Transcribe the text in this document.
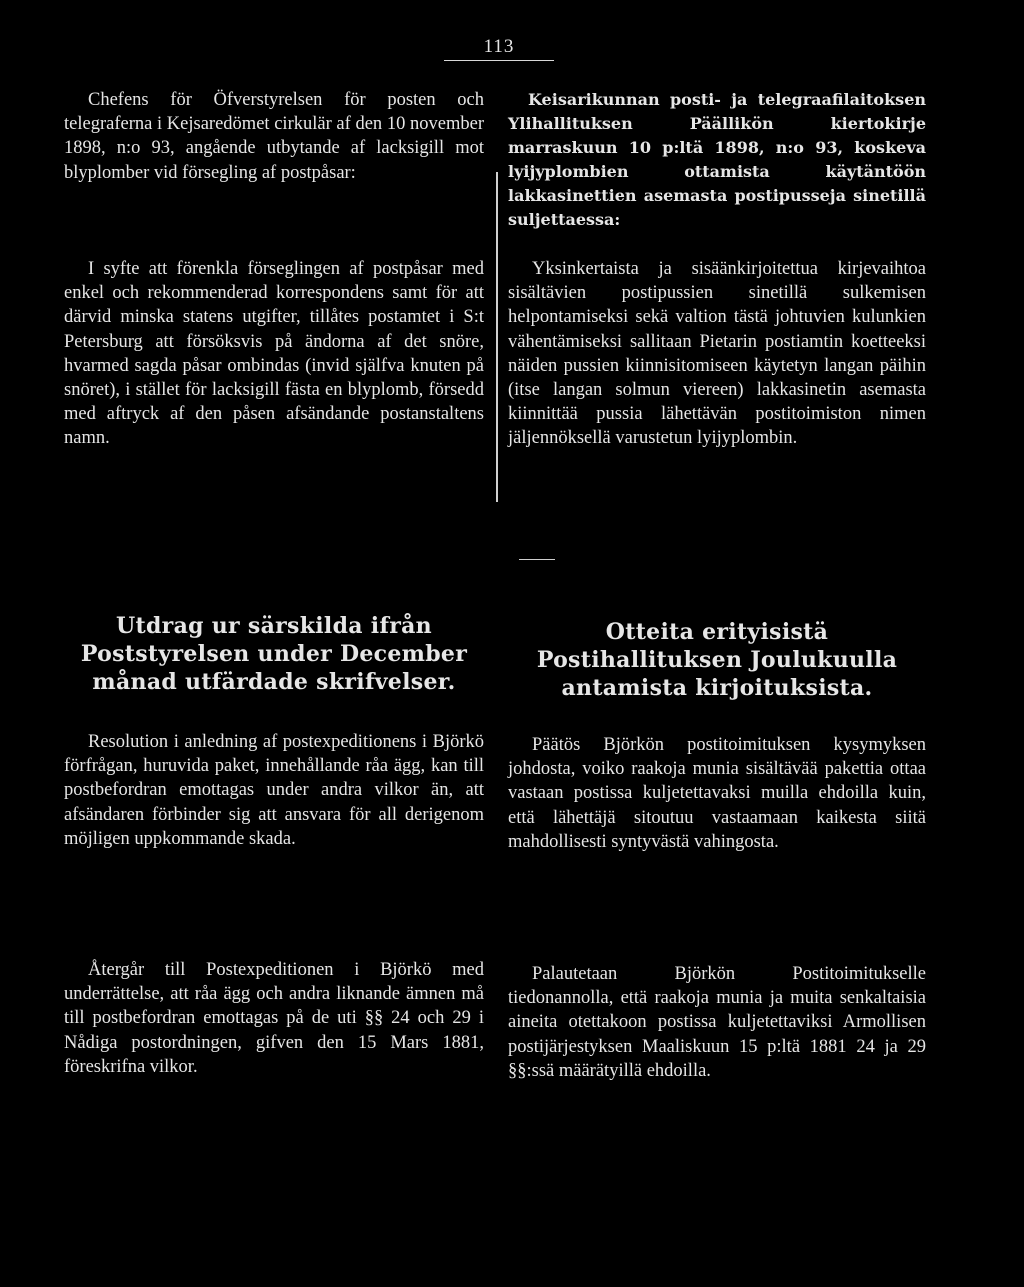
113

Chefens för Öfverstyrelsen för posten och telegraferna i Kejsaredömet cirkulär af den 10 november 1898, n:o 93, angående utbytande af lacksigill mot blyplomber vid försegling af postpåsar:

I syfte att förenkla förseglingen af postpåsar med enkel och rekommenderad korrespondens samt för att därvid minska statens utgifter, tillåtes postamtet i S:t Petersburg att försöksvis på ändorna af det snöre, hvarmed sagda påsar ombindas (invid själfva knuten på snöret), i stället för lacksigill fästa en blyplomb, försedd med aftryck af den påsen afsändande postanstaltens namn.

Utdrag ur särskilda ifrån Poststyrelsen under December månad utfärdade skrifvelser.

Resolution i anledning af postexpeditionens i Björkö förfrågan, huruvida paket, innehållande råa ägg, kan till postbefordran emottagas under andra vilkor än, att afsändaren förbinder sig att ansvara för all derigenom möjligen uppkommande skada.

Återgår till Postexpeditionen i Björkö med underrättelse, att råa ägg och andra liknande ämnen må till postbefordran emottagas på de uti §§ 24 och 29 i Nådiga postordningen, gifven den 15 Mars 1881, föreskrifna vilkor.

Keisarikunnan posti- ja telegraafilaitoksen Ylihallituksen Päällikön kiertokirje marraskuun 10 p:ltä 1898, n:o 93, koskeva lyijyplombien ottamista käytäntöön lakkasinettien asemasta postipusseja sinetillä suljettaessa:

Yksinkertaista ja sisäänkirjoitettua kirjevaihtoa sisältävien postipussien sinetillä sulkemisen helpontamiseksi sekä valtion tästä johtuvien kulunkien vähentämiseksi sallitaan Pietarin postiamtin koetteeksi näiden pussien kiinnisitomiseen käytetyn langan päihin (itse langan solmun viereen) lakkasinetin asemasta kiinnittää pussia lähettävän postitoimiston nimen jäljennöksellä varustetun lyijyplombin.

Otteita erityisistä Postihallituksen Joulukuulla antamista kirjoituksista.

Päätös Björkön postitoimituksen kysymyksen johdosta, voiko raakoja munia sisältävää pakettia ottaa vastaan postissa kuljetettavaksi muilla ehdoilla kuin, että lähettäjä sitoutuu vastaamaan kaikesta siitä mahdollisesti syntyvästä vahingosta.

Palautetaan Björkön Postitoimitukselle tiedonannolla, että raakoja munia ja muita senkaltaisia aineita otettakoon postissa kuljetettaviksi Armollisen postijärjestyksen Maaliskuun 15 p:ltä 1881 24 ja 29 §§:ssä määrätyillä ehdoilla.
